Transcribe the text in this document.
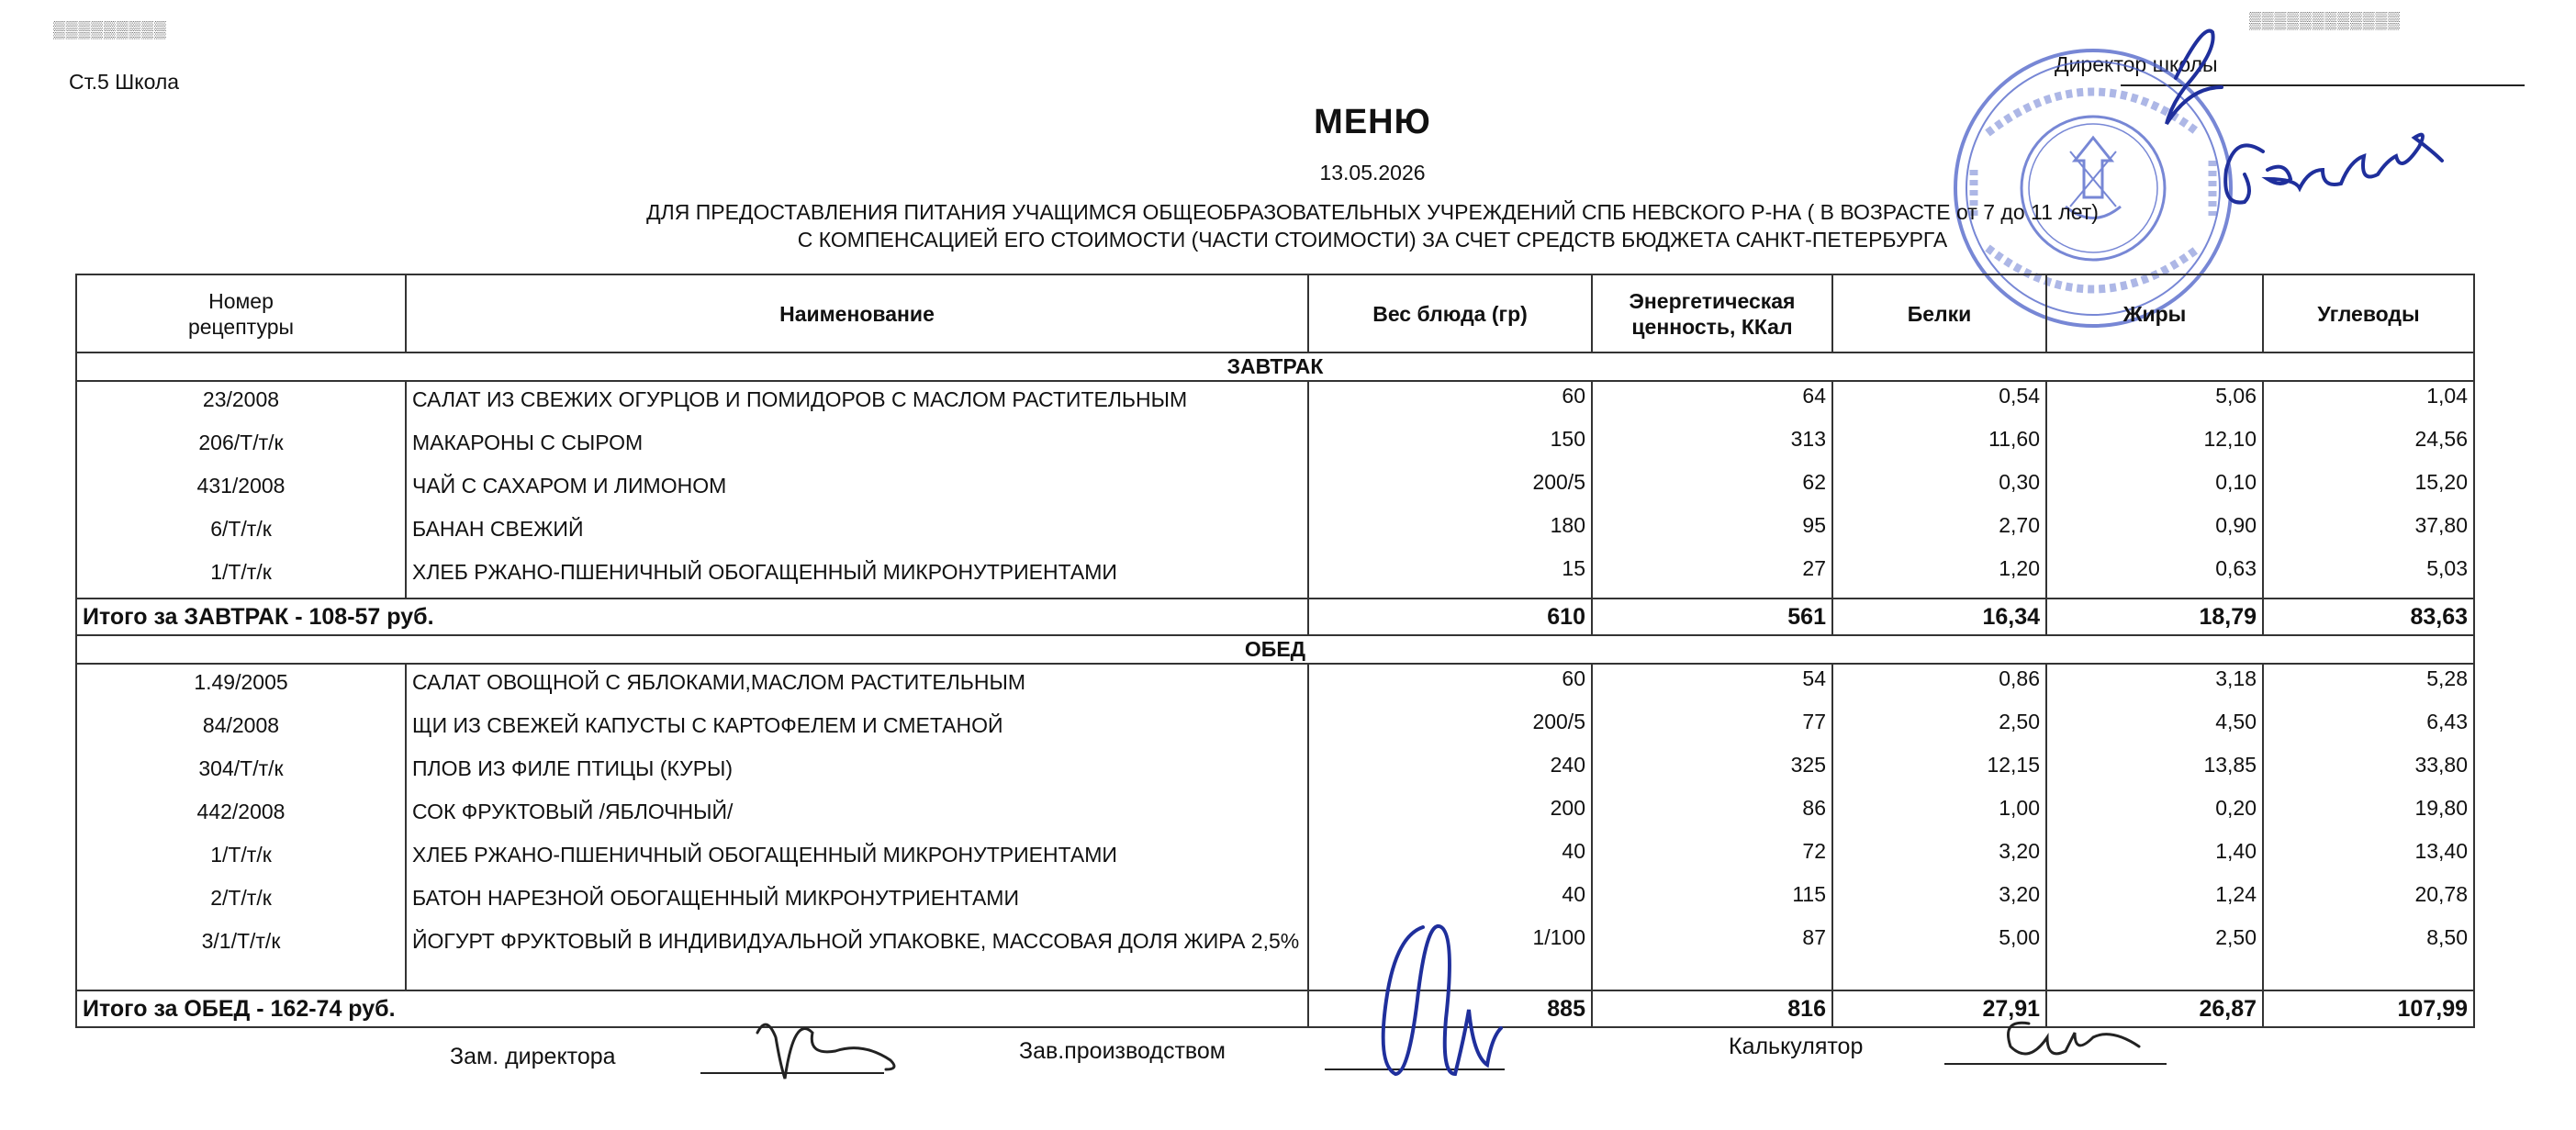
▒▒▒▒▒▒▒▒▒	▒▒▒▒▒▒▒▒▒▒▒▒
Ст.5 Школа
Директор школы
МЕНЮ
13.05.2026
ДЛЯ ПРЕДОСТАВЛЕНИЯ ПИТАНИЯ УЧАЩИМСЯ ОБЩЕОБРАЗОВАТЕЛЬНЫХ УЧРЕЖДЕНИЙ СПБ НЕВСКОГО Р-НА ( В ВОЗРАСТЕ от 7 до 11 лет)
С КОМПЕНСАЦИЕЙ ЕГО СТОИМОСТИ (ЧАСТИ СТОИМОСТИ) ЗА СЧЕТ СРЕДСТВ БЮДЖЕТА САНКТ-ПЕТЕРБУРГА
Номер рецептуры	Наименование	Вес блюда (гр)	Энергетическая ценность, ККал	Белки	Жиры	Углеводы
ЗАВТРАК						
23/2008	САЛАТ ИЗ СВЕЖИХ ОГУРЦОВ И ПОМИДОРОВ С МАСЛОМ РАСТИТЕЛЬНЫМ	60	64	0,54	5,06	1,04
206/Т/т/к	МАКАРОНЫ С СЫРОМ	150	313	11,60	12,10	24,56
431/2008	ЧАЙ С САХАРОМ И ЛИМОНОМ	200/5	62	0,30	0,10	15,20
6/Т/т/к	БАНАН СВЕЖИЙ	180	95	2,70	0,90	37,80
1/Т/т/к	ХЛЕБ РЖАНО-ПШЕНИЧНЫЙ ОБОГАЩЕННЫЙ МИКРОНУТРИЕНТАМИ	15	27	1,20	0,63	5,03
Итого за ЗАВТРАК - 108-57 руб.		610	561	16,34	18,79	83,63
ОБЕД						
1.49/2005	САЛАТ ОВОЩНОЙ С ЯБЛОКАМИ,МАСЛОМ РАСТИТЕЛЬНЫМ	60	54	0,86	3,18	5,28
84/2008	ЩИ ИЗ СВЕЖЕЙ КАПУСТЫ С КАРТОФЕЛЕМ И СМЕТАНОЙ	200/5	77	2,50	4,50	6,43
304/Т/т/к	ПЛОВ ИЗ ФИЛЕ ПТИЦЫ (КУРЫ)	240	325	12,15	13,85	33,80
442/2008	СОК ФРУКТОВЫЙ /ЯБЛОЧНЫЙ/	200	86	1,00	0,20	19,80
1/Т/т/к	ХЛЕБ РЖАНО-ПШЕНИЧНЫЙ ОБОГАЩЕННЫЙ МИКРОНУТРИЕНТАМИ	40	72	3,20	1,40	13,40
2/Т/т/к	БАТОН НАРЕЗНОЙ ОБОГАЩЕННЫЙ МИКРОНУТРИЕНТАМИ	40	115	3,20	1,24	20,78
3/1/Т/т/к	ЙОГУРТ ФРУКТОВЫЙ В ИНДИВИДУАЛЬНОЙ УПАКОВКЕ, МАССОВАЯ ДОЛЯ ЖИРА 2,5%	1/100	87	5,00	2,50	8,50
Итого за ОБЕД - 162-74 руб.		885	816	27,91	26,87	107,99
Зам. директора	Зав.производством	Калькулятор
